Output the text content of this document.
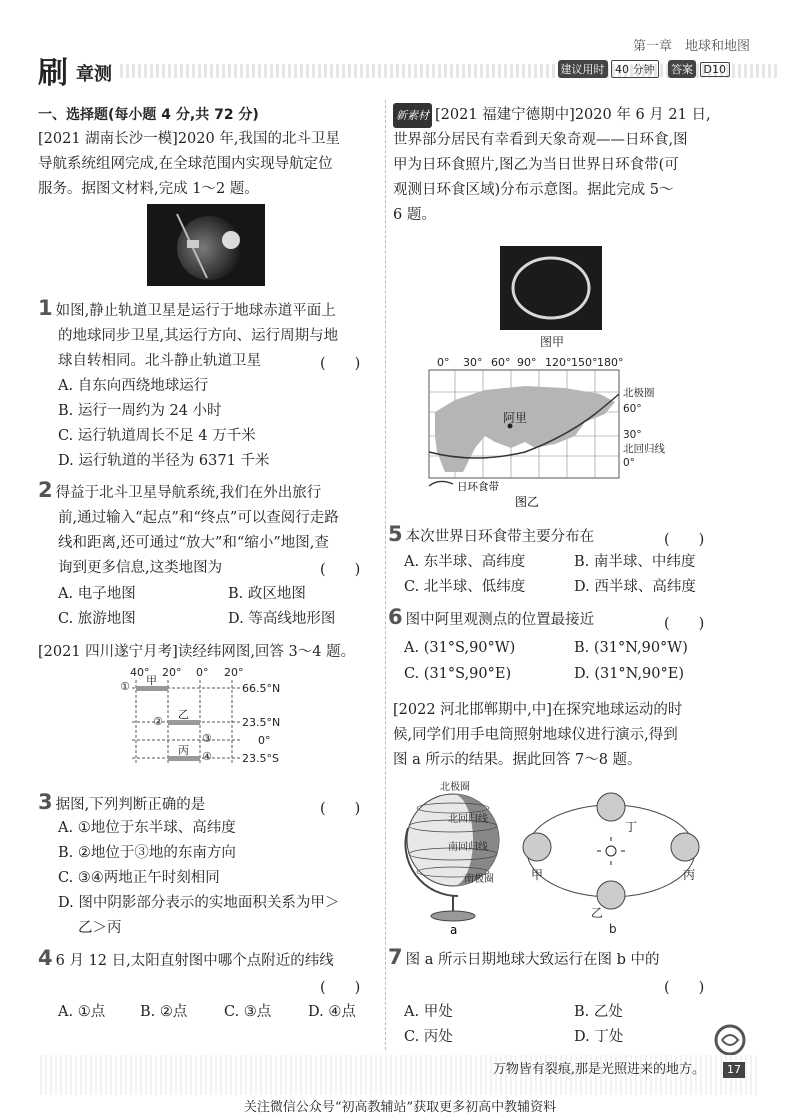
刷 章测
第一章　地球和地图
建议用时 40 分钟 答案 D10
一、选择题(每小题 4 分,共 72 分)
[2021 湖南长沙一模]2020 年,我国的北斗卫星
导航系统组网完成,在全球范围内实现导航定位
服务。据图文材料,完成 1～2 题。
1 如图,静止轨道卫星是运行于地球赤道平面上
的地球同步卫星,其运行方向、运行周期与地
球自转相同。北斗静止轨道卫星	(　　)
A. 自东向西绕地球运行
B. 运行一周约为 24 小时
C. 运行轨道周长不足 4 万千米
D. 运行轨道的半径为 6371 千米
2 得益于北斗卫星导航系统,我们在外出旅行
前,通过输入“起点”和“终点”可以查阅行走路
线和距离,还可通过“放大”和“缩小”地图,查
询到更多信息,这类地图为	(　　)
A. 电子地图	B. 政区地图
C. 旅游地图	D. 等高线地形图
[2021 四川遂宁月考]读经纬网图,回答 3～4 题。
40° 20° 0° 20°
66.5°N
23.5°N
0°
23.5°S
①
②
③
④
甲
乙
丙
3 据图,下列判断正确的是	(　　)
A. ①地位于东半球、高纬度
B. ②地位于③地的东南方向
C. ③④两地正午时刻相同
D. 图中阴影部分表示的实地面积关系为甲＞
乙＞丙
4 6 月 12 日,太阳直射图中哪个点附近的纬线
(　　)
A. ①点 B. ②点	C. ③点	D. ④点
新素材 [2021 福建宁德期中]2020 年 6 月 21 日,
世界部分居民有幸看到天象奇观——日环食,图
甲为日环食照片,图乙为当日世界日环食带(可
观测日环食区域)分布示意图。据此完成 5～
6 题。
图甲
0° 30° 60° 90° 120° 150° 180°
阿里
北极圈
60°
30°
北回归线
0°
日环食带
图乙
5 本次世界日环食带主要分布在	(　　)
A. 东半球、高纬度	B. 南半球、中纬度
C. 北半球、低纬度	D. 西半球、高纬度
6 图中阿里观测点的位置最接近	(　　)
A. (31°S,90°W)	B. (31°N,90°W)
C. (31°S,90°E)	D. (31°N,90°E)
[2022 河北邯郸期中,中]在探究地球运动的时
候,同学们用手电筒照射地球仪进行演示,得到
图 a 所示的结果。据此回答 7～8 题。
北极圈
北回归线
南回归线
南极圈
a
甲
乙
丙
丁
b
7 图 a 所示日期地球大致运行在图 b 中的
(　　)
A. 甲处	B. 乙处
C. 丙处	D. 丁处
万物皆有裂痕,那是光照进来的地方。	17
关注微信公众号“初高教辅站”获取更多初高中教辅资料
